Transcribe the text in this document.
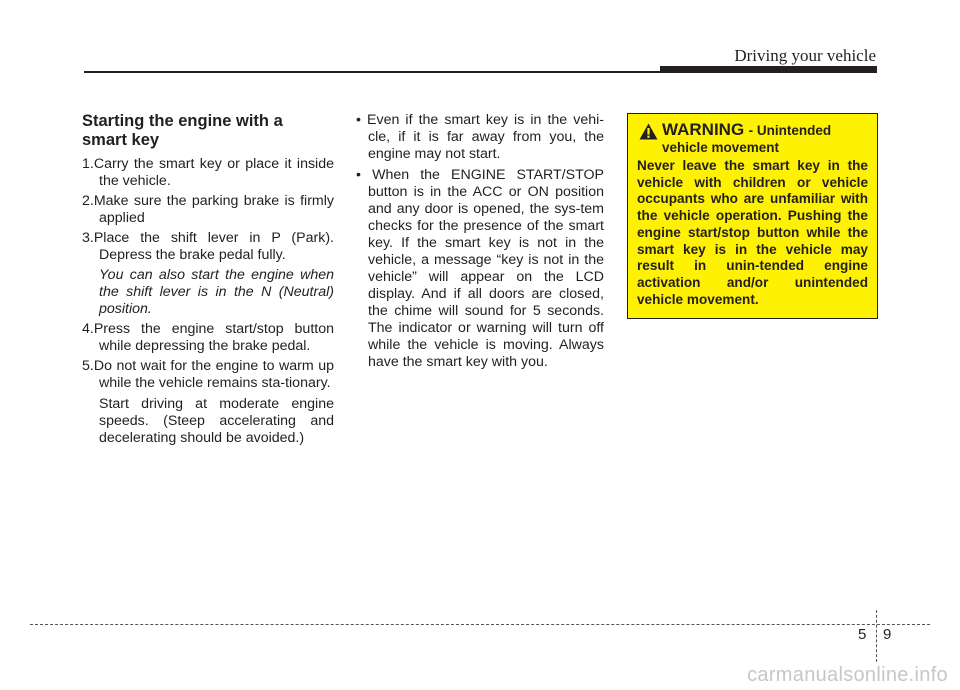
Driving your vehicle
Starting the engine with a
smart key

1.Carry the smart key or place it inside the vehicle.

2.Make sure the parking brake is firmly applied

3.Place the shift lever in P (Park). Depress the brake pedal fully.

You can also start the engine when the shift lever is in the N (Neutral) position.

4.Press the engine start/stop button while depressing the brake pedal.

5.Do not wait for the engine to warm up while the vehicle remains sta-tionary.

Start driving at moderate engine speeds. (Steep accelerating and decelerating should be avoided.)

• Even if the smart key is in the vehi-cle, if it is far away from you, the engine may not start.

• When the ENGINE START/STOP button is in the ACC or ON position and any door is opened, the sys-tem checks for the presence of the smart key. If the smart key is not in the vehicle, a message “key is not in the vehicle” will appear on the LCD display. And if all doors are closed, the chime will sound for 5 seconds. The indicator or warning will turn off while the vehicle is moving. Always have the smart key with you.

WARNING - Unintended
vehicle movement
Never leave the smart key in the vehicle with children or vehicle occupants who are unfamiliar with the vehicle operation. Pushing the engine start/stop button while the smart key is in the vehicle may result in unin-tended engine activation and/or unintended vehicle movement.
5 9
carmanualsonline.info
